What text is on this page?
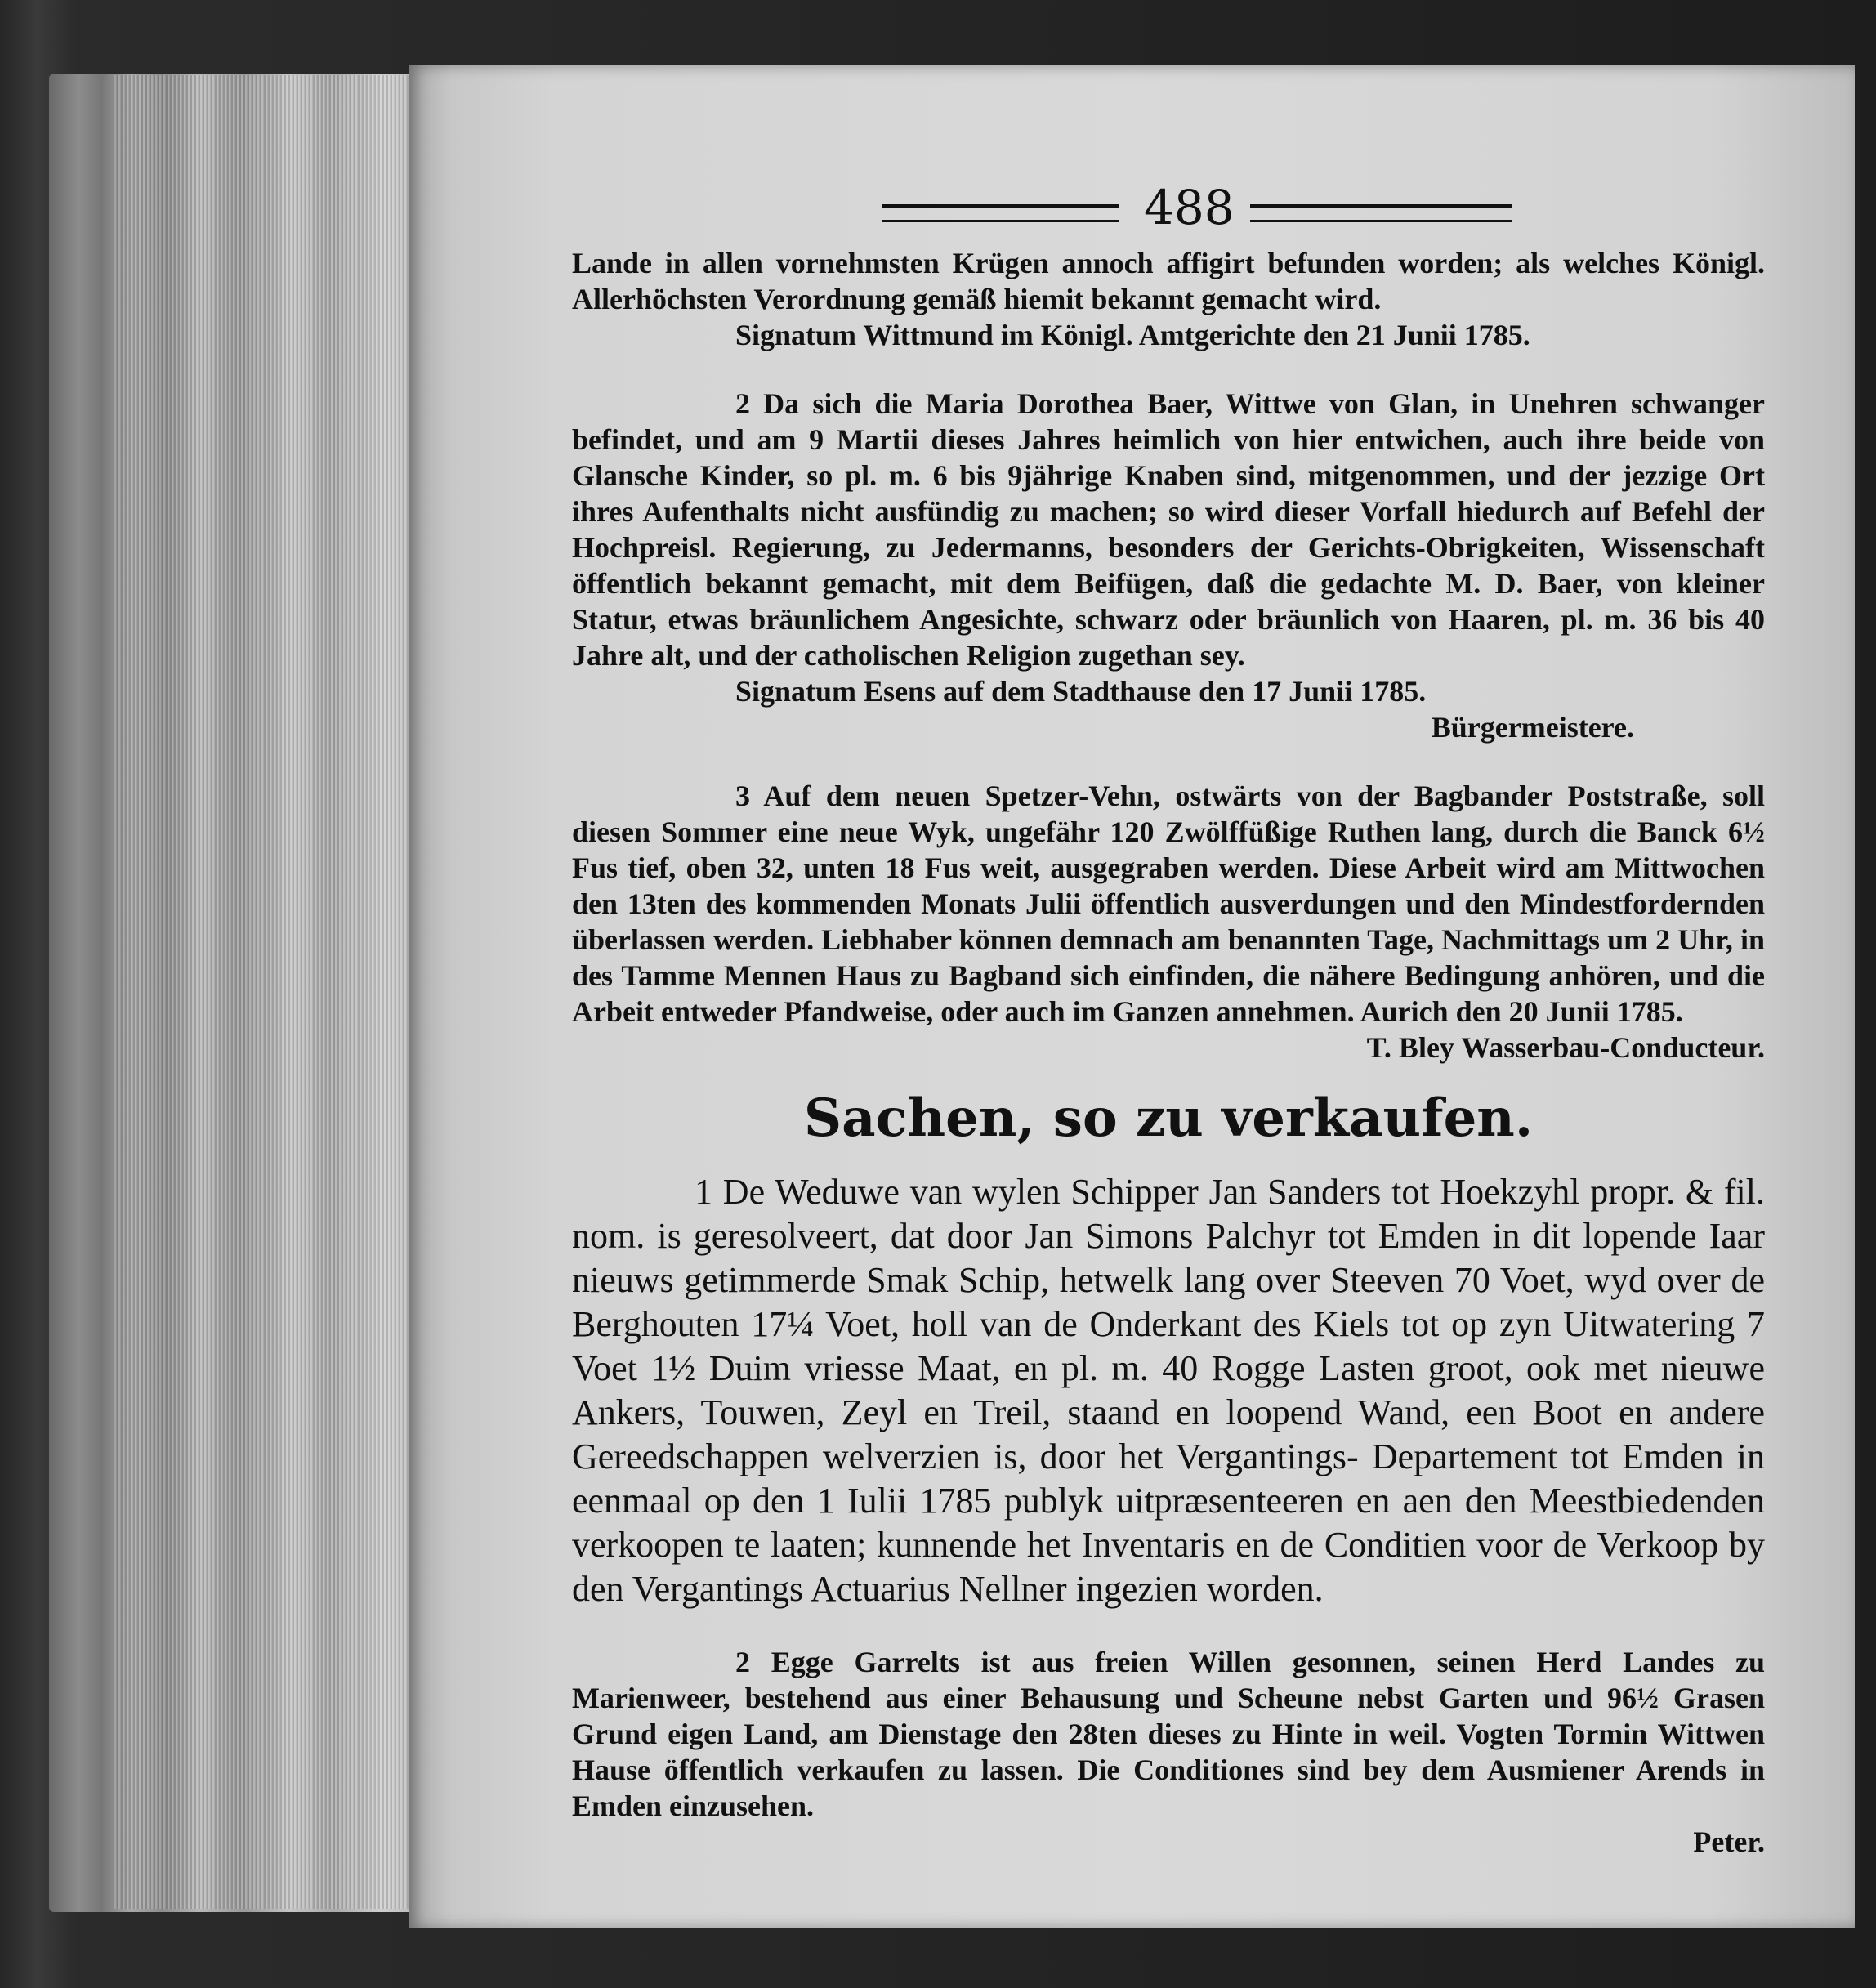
488

Lande in allen vornehmsten Krügen annoch affigirt befunden worden; als welches Königl. Allerhöchsten Verordnung gemäß hiemit bekannt gemacht wird.

Signatum Wittmund im Königl. Amtgerichte den 21 Junii 1785.

2 Da sich die Maria Dorothea Baer, Wittwe von Glan, in Unehren schwanger befindet, und am 9 Martii dieses Jahres heimlich von hier entwichen, auch ihre beide von Glansche Kinder, so pl. m. 6 bis 9jährige Knaben sind, mitgenommen, und der jezzige Ort ihres Aufenthalts nicht ausfündig zu machen; so wird dieser Vorfall hiedurch auf Befehl der Hochpreisl. Regierung, zu Jedermanns, besonders der Gerichts-Obrigkeiten, Wissenschaft öffentlich bekannt gemacht, mit dem Beifügen, daß die gedachte M. D. Baer, von kleiner Statur, etwas bräunlichem Angesichte, schwarz oder bräunlich von Haaren, pl. m. 36 bis 40 Jahre alt, und der catholischen Religion zugethan sey.

Signatum Esens auf dem Stadthause den 17 Junii 1785.

Bürgermeistere.

3 Auf dem neuen Spetzer-Vehn, ostwärts von der Bagbander Poststraße, soll diesen Sommer eine neue Wyk, ungefähr 120 Zwölffüßige Ruthen lang, durch die Banck 6½ Fus tief, oben 32, unten 18 Fus weit, ausgegraben werden. Diese Arbeit wird am Mittwochen den 13ten des kommenden Monats Julii öffentlich ausverdungen und den Mindestfordernden überlassen werden. Liebhaber können demnach am benannten Tage, Nachmittags um 2 Uhr, in des Tamme Mennen Haus zu Bagband sich einfinden, die nähere Bedingung anhören, und die Arbeit entweder Pfandweise, oder auch im Ganzen annehmen. Aurich den 20 Junii 1785.

T. Bley Wasserbau-Conducteur.

Sachen, so zu verkaufen.

1 De Weduwe van wylen Schipper Jan Sanders tot Hoekzyhl propr. & fil. nom. is geresolveert, dat door Jan Simons Palchyr tot Emden in dit lopende Iaar nieuws getimmerde Smak Schip, hetwelk lang over Steeven 70 Voet, wyd over de Berghouten 17¼ Voet, holl van de Onderkant des Kiels tot op zyn Uitwatering 7 Voet 1½ Duim vriesse Maat, en pl. m. 40 Rogge Lasten groot, ook met nieuwe Ankers, Touwen, Zeyl en Treil, staand en loopend Wand, een Boot en andere Gereedschappen welverzien is, door het Vergantings- Departement tot Emden in eenmaal op den 1 Iulii 1785 publyk uitpræsenteeren en aen den Meestbiedenden verkoopen te laaten; kunnende het Inventaris en de Conditien voor de Verkoop by den Vergantings Actuarius Nellner ingezien worden.

2 Egge Garrelts ist aus freien Willen gesonnen, seinen Herd Landes zu Marienweer, bestehend aus einer Behausung und Scheune nebst Garten und 96½ Grasen Grund eigen Land, am Dienstage den 28ten dieses zu Hinte in weil. Vogten Tormin Wittwen Hause öffentlich verkaufen zu lassen. Die Conditiones sind bey dem Ausmiener Arends in Emden einzusehen.

Peter.
